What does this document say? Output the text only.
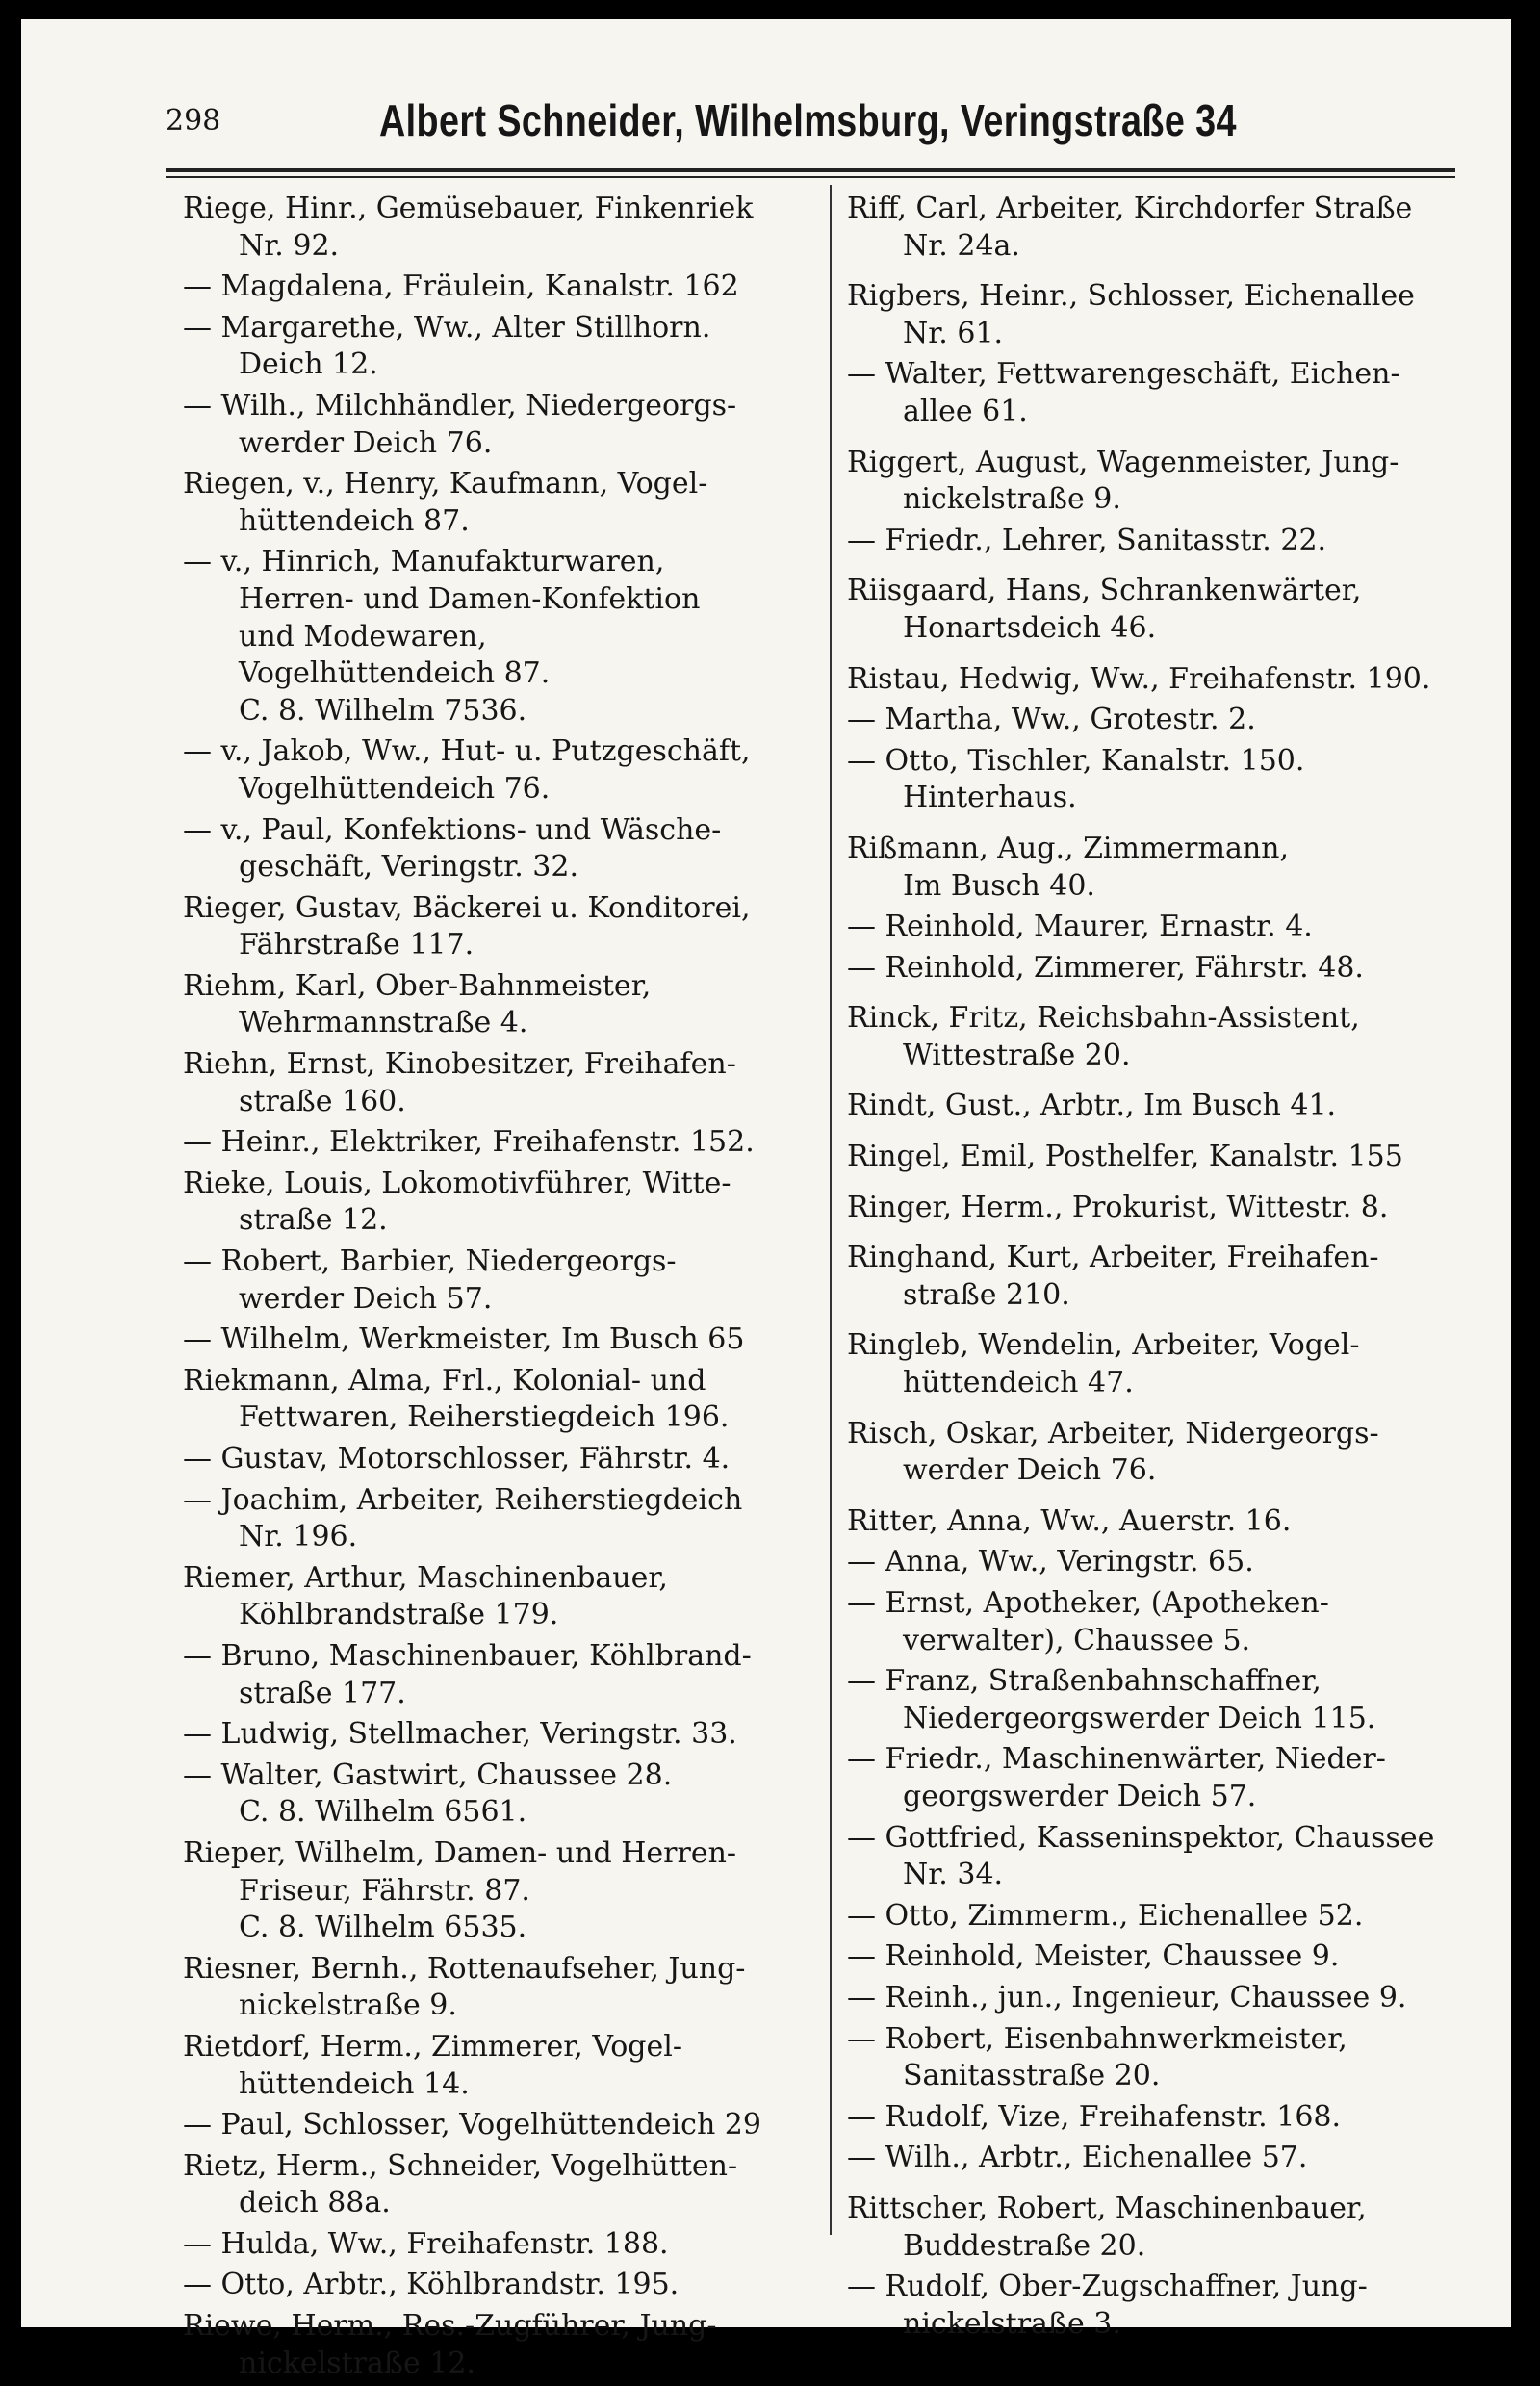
298	Albert Schneider, Wilhelmsburg, Veringstraße 34
Riege, Hinr., Gemüsebauer, Finkenriek
Nr. 92.
— Magdalena, Fräulein, Kanalstr. 162
— Margarethe, Ww., Alter Stillhorn.
Deich 12.
— Wilh., Milchhändler, Niedergeorgs-
werder Deich 76.
Riegen, v., Henry, Kaufmann, Vogel-
hüttendeich 87.
— v., Hinrich, Manufakturwaren,
Herren- und Damen-Konfektion
und Modewaren,
Vogelhüttendeich 87.
C. 8. Wilhelm 7536.
— v., Jakob, Ww., Hut- u. Putzgeschäft,
Vogelhüttendeich 76.
— v., Paul, Konfektions- und Wäsche-
geschäft, Veringstr. 32.
Rieger, Gustav, Bäckerei u. Konditorei,
Fährstraße 117.
Riehm, Karl, Ober-Bahnmeister,
Wehrmannstraße 4.
Riehn, Ernst, Kinobesitzer, Freihafen-
straße 160.
— Heinr., Elektriker, Freihafenstr. 152.
Rieke, Louis, Lokomotivführer, Witte-
straße 12.
— Robert, Barbier, Niedergeorgs-
werder Deich 57.
— Wilhelm, Werkmeister, Im Busch 65
Riekmann, Alma, Frl., Kolonial- und
Fettwaren, Reiherstiegdeich 196.
— Gustav, Motorschlosser, Fährstr. 4.
— Joachim, Arbeiter, Reiherstiegdeich
Nr. 196.
Riemer, Arthur, Maschinenbauer,
Köhlbrandstraße 179.
— Bruno, Maschinenbauer, Köhlbrand-
straße 177.
— Ludwig, Stellmacher, Veringstr. 33.
— Walter, Gastwirt, Chaussee 28.
C. 8. Wilhelm 6561.
Rieper, Wilhelm, Damen- und Herren-
Friseur, Fährstr. 87.
C. 8. Wilhelm 6535.
Riesner, Bernh., Rottenaufseher, Jung-
nickelstraße 9.
Rietdorf, Herm., Zimmerer, Vogel-
hüttendeich 14.
— Paul, Schlosser, Vogelhüttendeich 29
Rietz, Herm., Schneider, Vogelhütten-
deich 88a.
— Hulda, Ww., Freihafenstr. 188.
— Otto, Arbtr., Köhlbrandstr. 195.
Riewe, Herm., Res.-Zugführer, Jung-
nickelstraße 12.
Riff, Carl, Arbeiter, Kirchdorfer Straße
Nr. 24a.
Rigbers, Heinr., Schlosser, Eichenallee
Nr. 61.
— Walter, Fettwarengeschäft, Eichen-
allee 61.
Riggert, August, Wagenmeister, Jung-
nickelstraße 9.
— Friedr., Lehrer, Sanitasstr. 22.
Riisgaard, Hans, Schrankenwärter,
Honartsdeich 46.
Ristau, Hedwig, Ww., Freihafenstr. 190.
— Martha, Ww., Grotestr. 2.
— Otto, Tischler, Kanalstr. 150.
Hinterhaus.
Rißmann, Aug., Zimmermann,
Im Busch 40.
— Reinhold, Maurer, Ernastr. 4.
— Reinhold, Zimmerer, Fährstr. 48.
Rinck, Fritz, Reichsbahn-Assistent,
Wittestraße 20.
Rindt, Gust., Arbtr., Im Busch 41.
Ringel, Emil, Posthelfer, Kanalstr. 155
Ringer, Herm., Prokurist, Wittestr. 8.
Ringhand, Kurt, Arbeiter, Freihafen-
straße 210.
Ringleb, Wendelin, Arbeiter, Vogel-
hüttendeich 47.
Risch, Oskar, Arbeiter, Nidergeorgs-
werder Deich 76.
Ritter, Anna, Ww., Auerstr. 16.
— Anna, Ww., Veringstr. 65.
— Ernst, Apotheker, (Apotheken-
verwalter), Chaussee 5.
— Franz, Straßenbahnschaffner,
Niedergeorgswerder Deich 115.
— Friedr., Maschinenwärter, Nieder-
georgswerder Deich 57.
— Gottfried, Kasseninspektor, Chaussee
Nr. 34.
— Otto, Zimmerm., Eichenallee 52.
— Reinhold, Meister, Chaussee 9.
— Reinh., jun., Ingenieur, Chaussee 9.
— Robert, Eisenbahnwerkmeister,
Sanitasstraße 20.
— Rudolf, Vize, Freihafenstr. 168.
— Wilh., Arbtr., Eichenallee 57.
Rittscher, Robert, Maschinenbauer,
Buddestraße 20.
— Rudolf, Ober-Zugschaffner, Jung-
nickelstraße 3.
